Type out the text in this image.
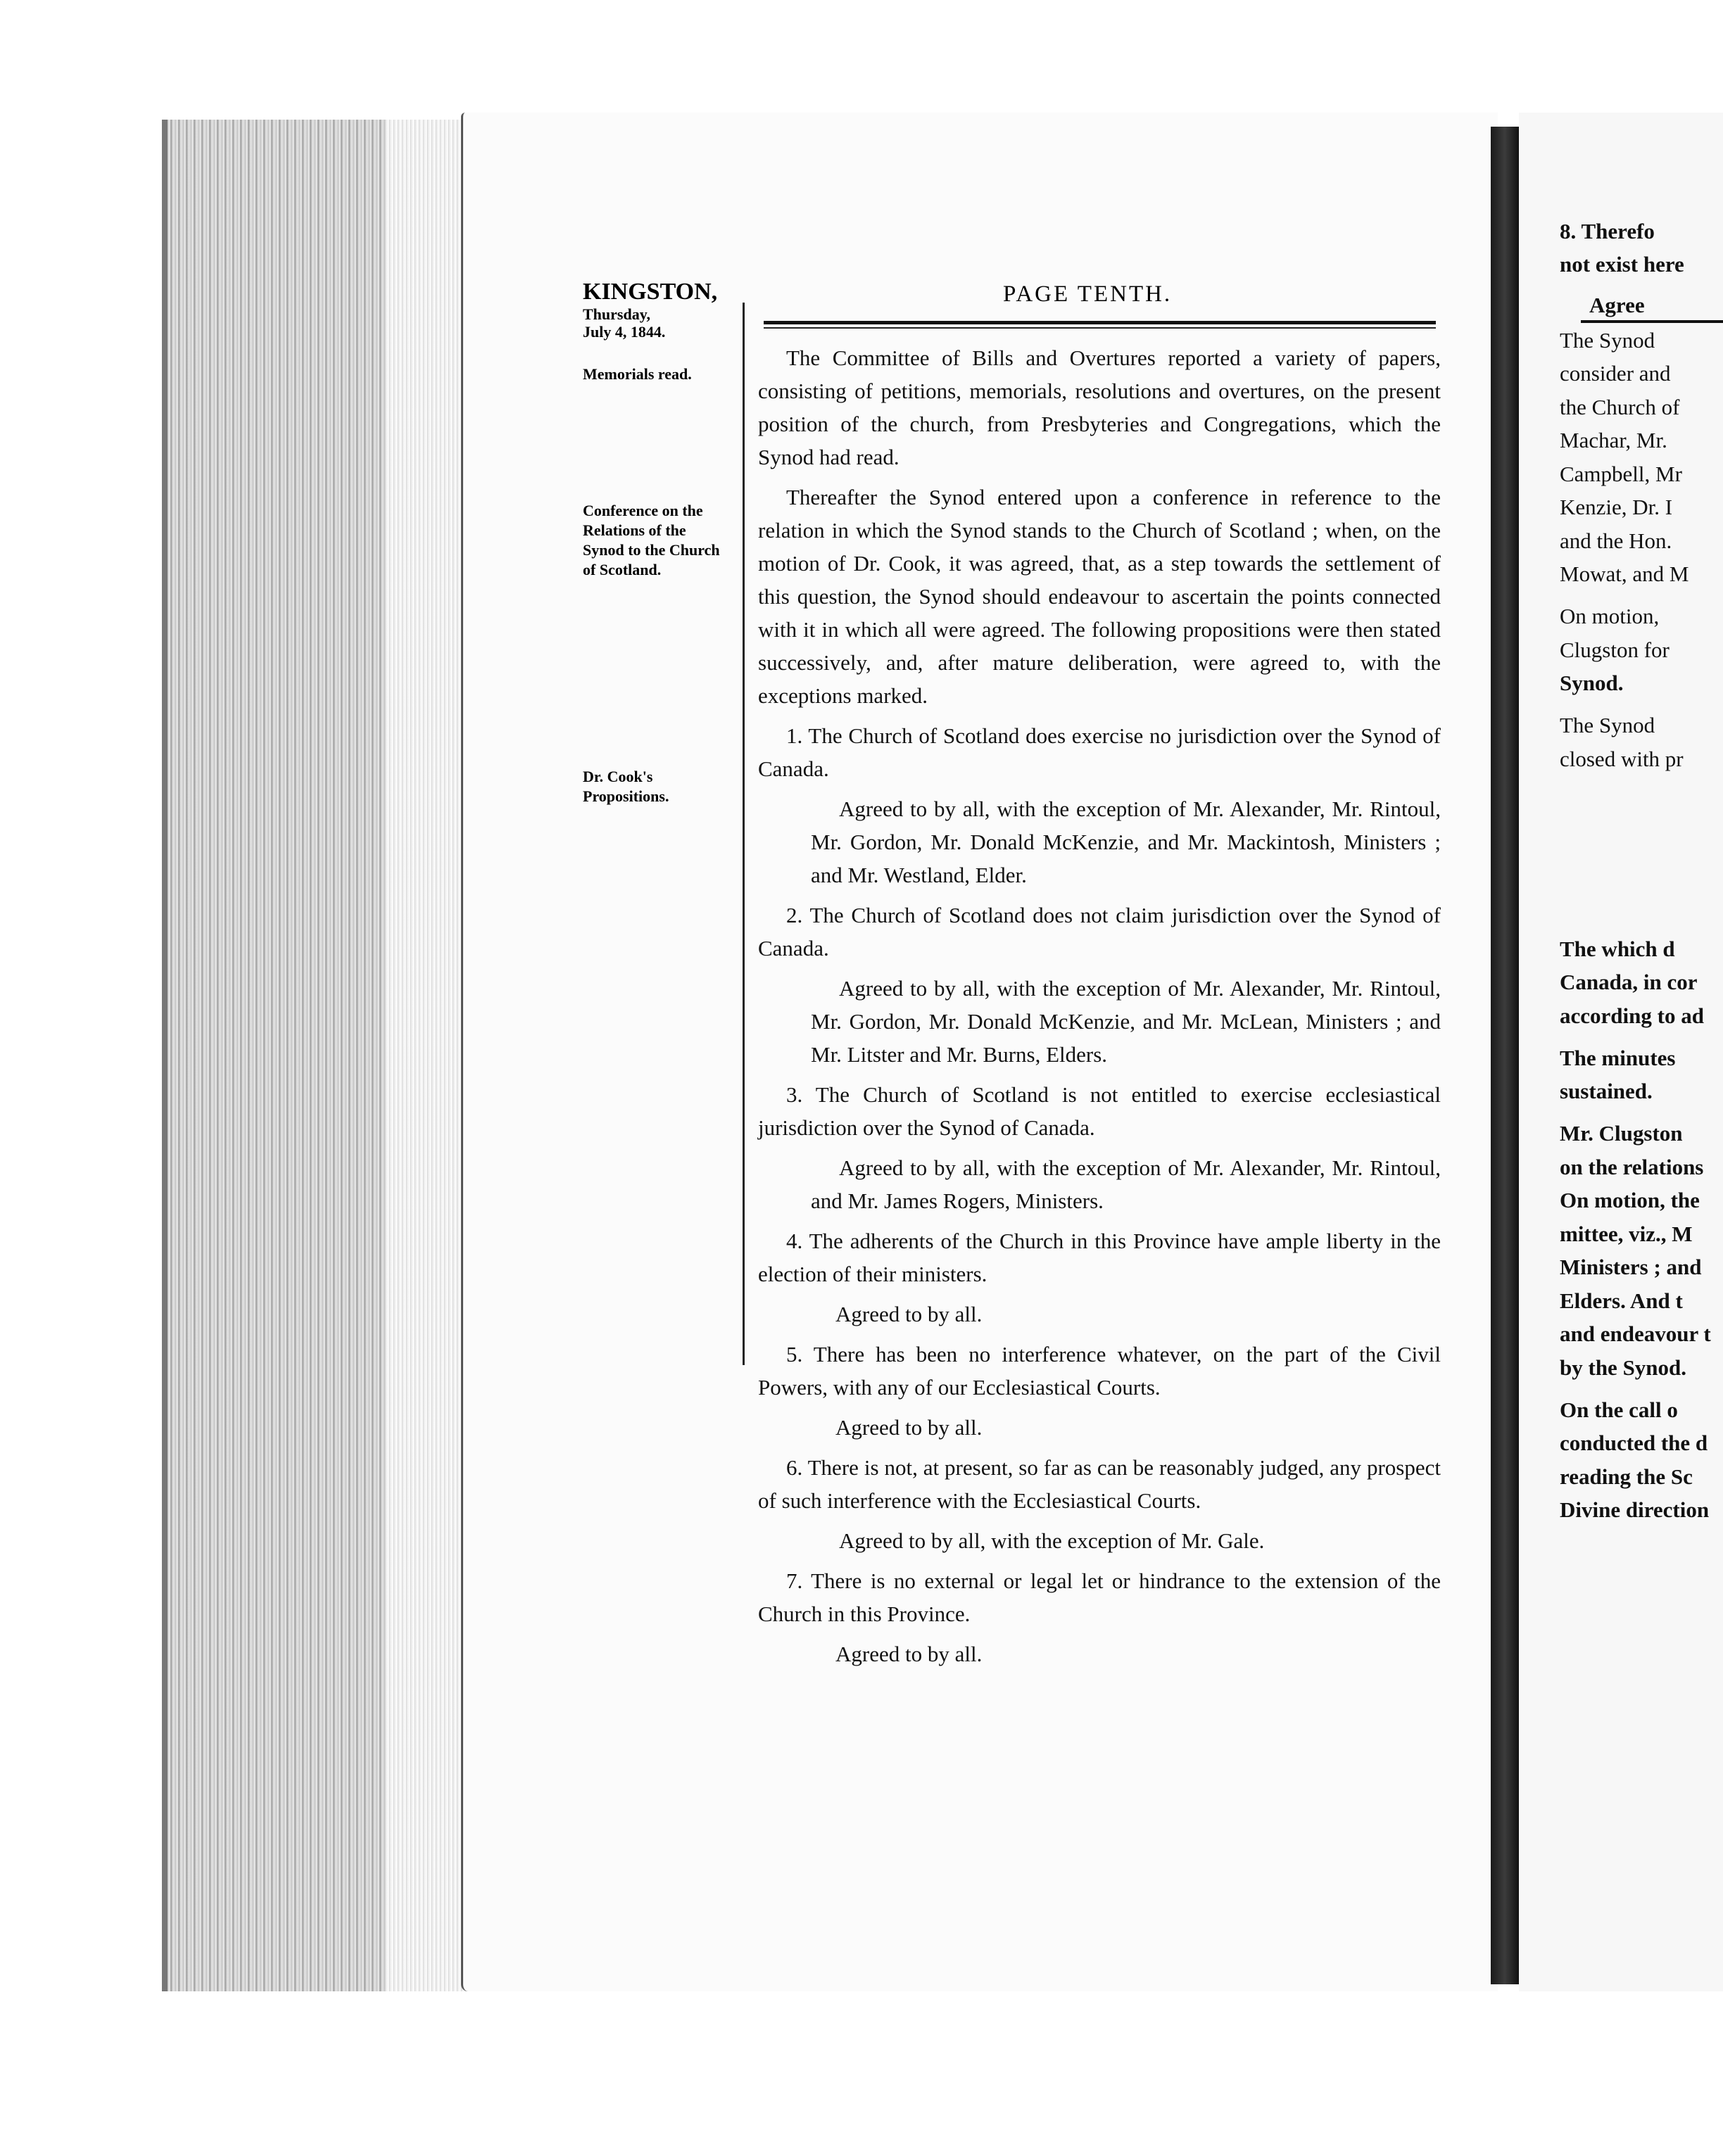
8. Therefo
not exist here
Agree
The Synod
consider and
the Church of
Machar, Mr.
Campbell, Mr
Kenzie, Dr. I
and the Hon.
Mowat, and M
On motion,
Clugston for
Synod.
The Synod
closed with pr
The which d
Canada, in cor
according to ad
The minutes
sustained.
Mr. Clugston
on the relations
On motion, the
mittee, viz., M
Ministers ; and
Elders. And t
and endeavour t
by the Synod.
On the call o
conducted the d
reading the Sc
Divine direction
KINGSTON,
Thursday,
July 4, 1844.
Memorials read.
Conference on the Relations of the Synod to the Church of Scotland.
Dr. Cook's Propositions.
PAGE TENTH.

The Committee of Bills and Overtures reported a variety of papers, consisting of petitions, memorials, resolutions and overtures, on the present position of the church, from Presbyteries and Congregations, which the Synod had read.

Thereafter the Synod entered upon a conference in reference to the relation in which the Synod stands to the Church of Scotland ; when, on the motion of Dr. Cook, it was agreed, that, as a step towards the settlement of this question, the Synod should endeavour to ascertain the points connected with it in which all were agreed. The following propositions were then stated successively, and, after mature deliberation, were agreed to, with the exceptions marked.

1. The Church of Scotland does exercise no jurisdiction over the Synod of Canada.

Agreed to by all, with the exception of Mr. Alexander, Mr. Rintoul, Mr. Gordon, Mr. Donald McKenzie, and Mr. Mackintosh, Ministers ; and Mr. Westland, Elder.

2. The Church of Scotland does not claim jurisdiction over the Synod of Canada.

Agreed to by all, with the exception of Mr. Alexander, Mr. Rintoul, Mr. Gordon, Mr. Donald McKenzie, and Mr. McLean, Ministers ; and Mr. Litster and Mr. Burns, Elders.

3. The Church of Scotland is not entitled to exercise ecclesiastical jurisdiction over the Synod of Canada.

Agreed to by all, with the exception of Mr. Alexander, Mr. Rintoul, and Mr. James Rogers, Ministers.

4. The adherents of the Church in this Province have ample liberty in the election of their ministers.

Agreed to by all.

5. There has been no interference whatever, on the part of the Civil Powers, with any of our Ecclesiastical Courts.

Agreed to by all.

6. There is not, at present, so far as can be reasonably judged, any prospect of such interference with the Ecclesiastical Courts.

Agreed to by all, with the exception of Mr. Gale.

7. There is no external or legal let or hindrance to the extension of the Church in this Province.

Agreed to by all.
